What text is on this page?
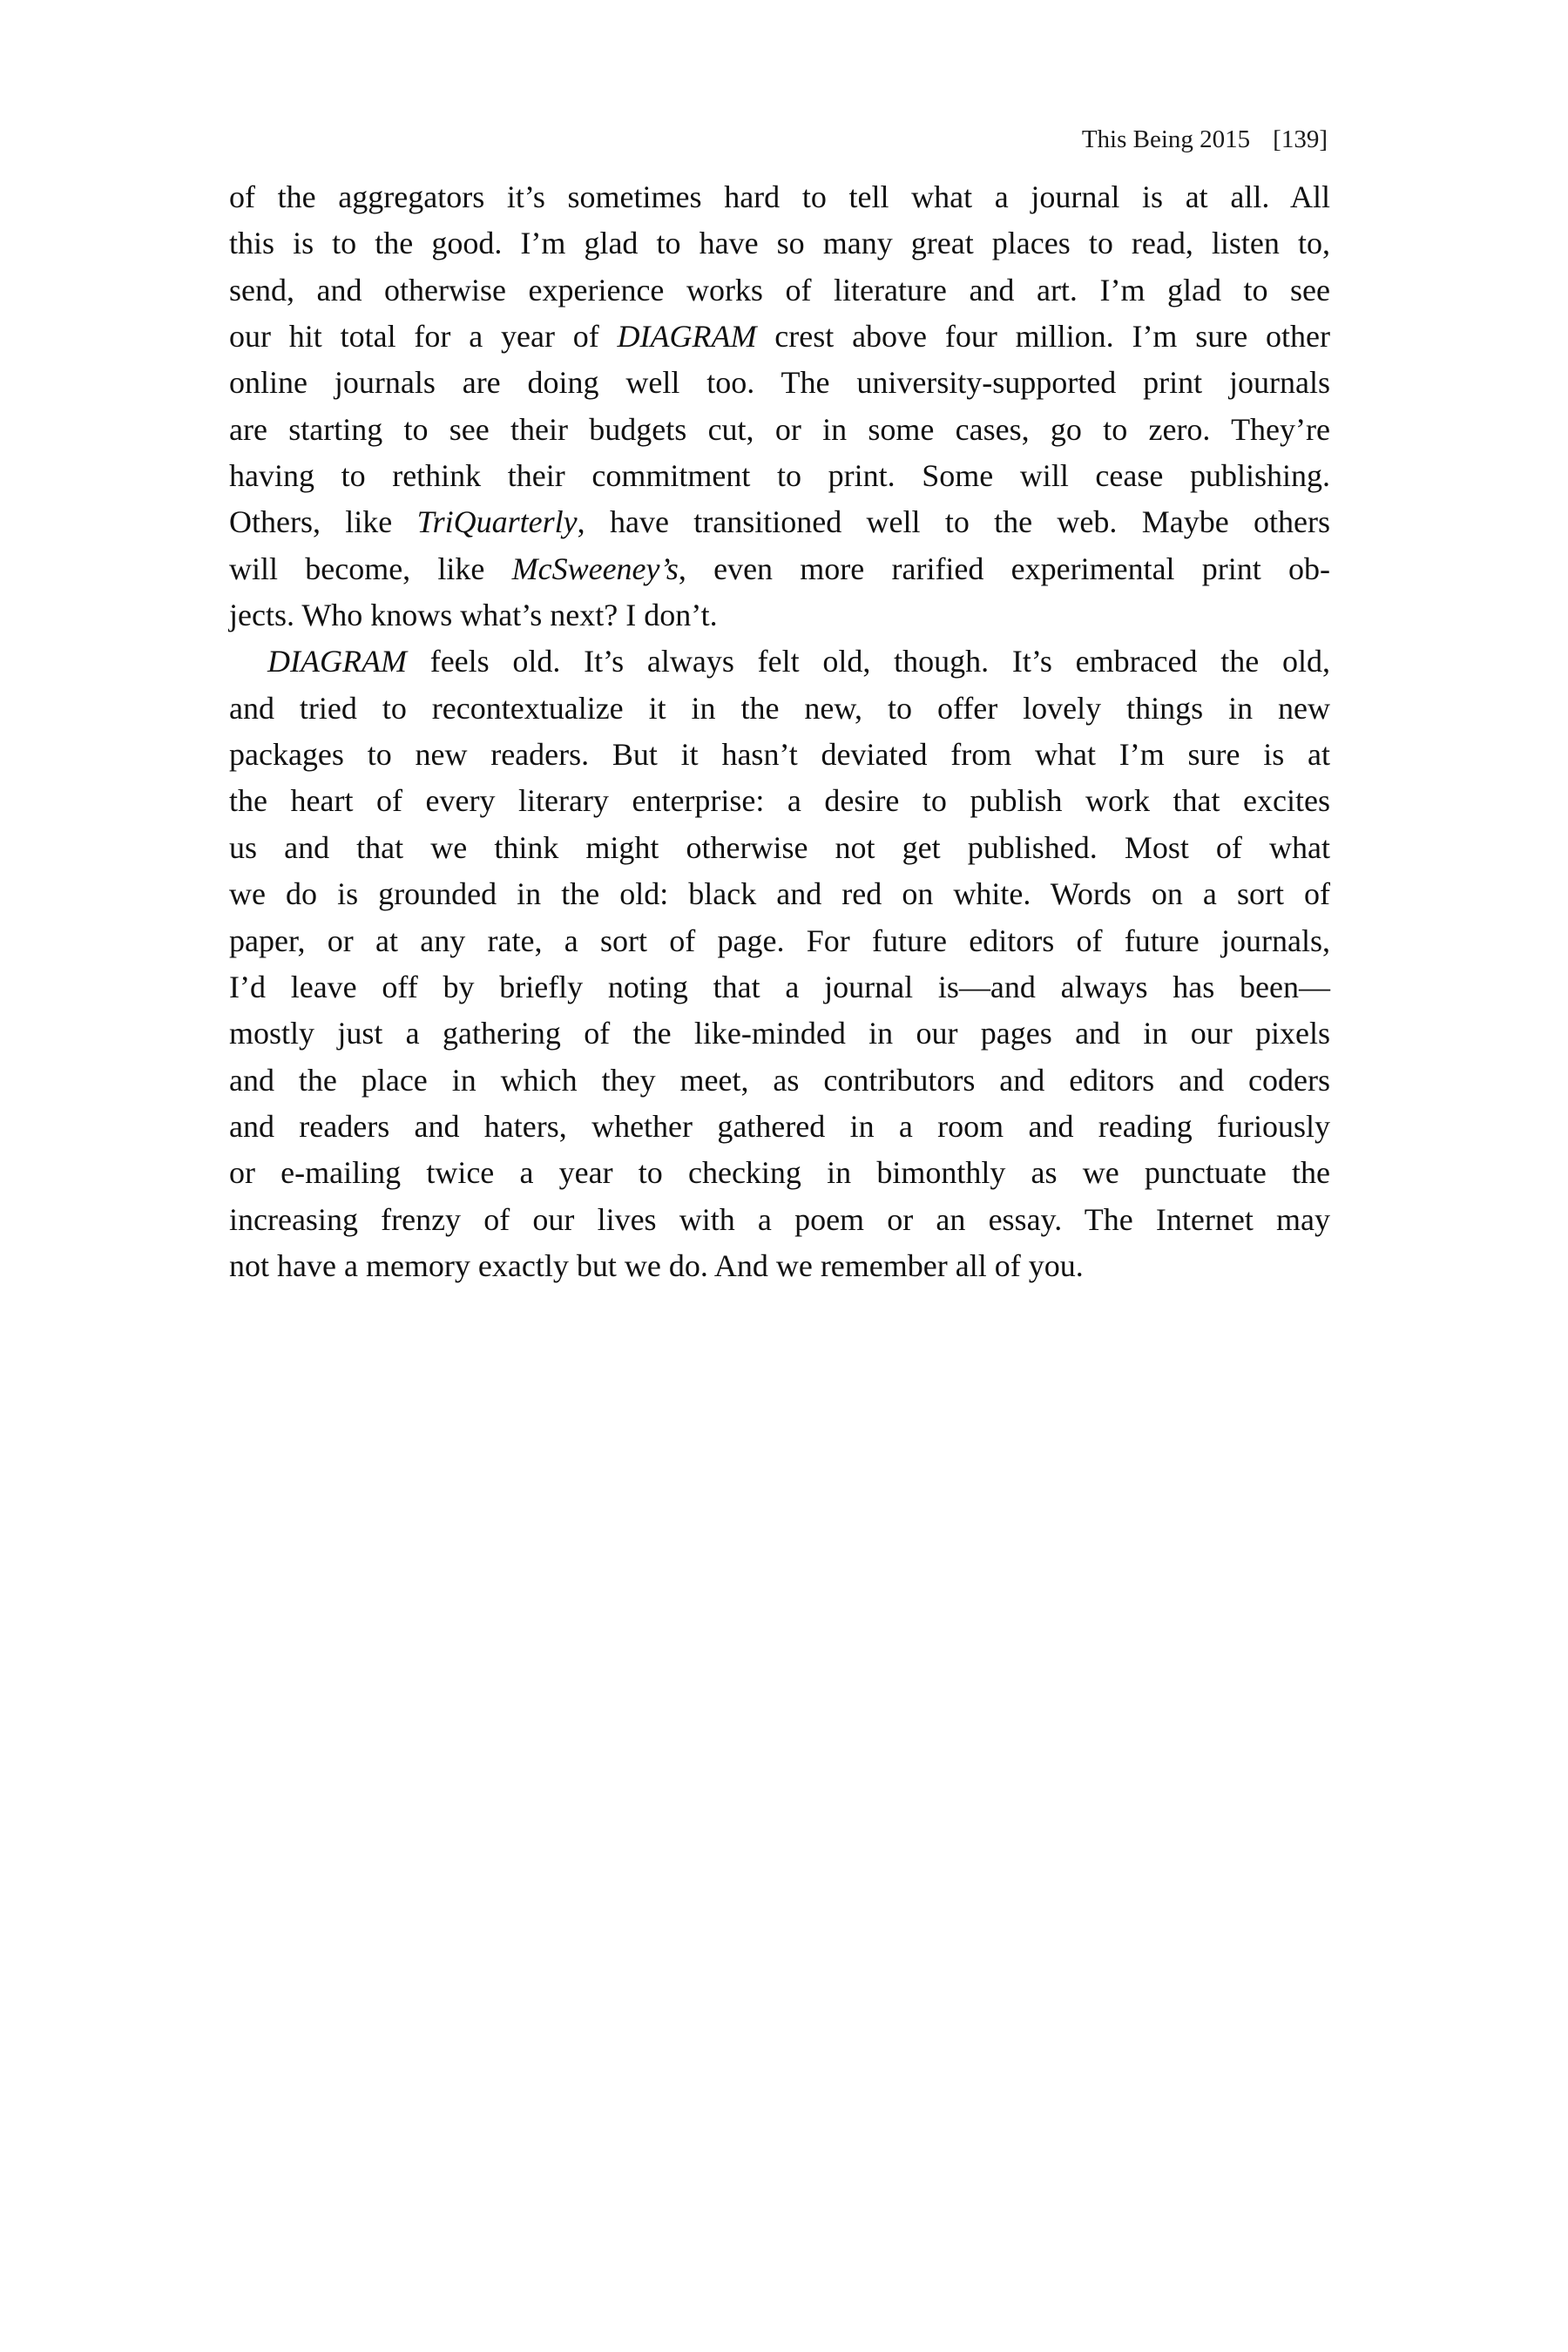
This Being 2015 [139]
of the aggregators it’s sometimes hard to tell what a journal is at all. All
this is to the good. I’m glad to have so many great places to read, listen to,
send, and otherwise experience works of literature and art. I’m glad to see
our hit total for a year of DIAGRAM crest above four million. I’m sure other
online journals are doing well too. The university-supported print journals
are starting to see their budgets cut, or in some cases, go to zero. They’re
having to rethink their commitment to print. Some will cease publishing.
Others, like TriQuarterly, have transitioned well to the web. Maybe others
will become, like McSweeney’s, even more rarified experimental print ob-
jects. Who knows what’s next? I don’t.
DIAGRAM feels old. It’s always felt old, though. It’s embraced the old,
and tried to recontextualize it in the new, to offer lovely things in new
packages to new readers. But it hasn’t deviated from what I’m sure is at
the heart of every literary enterprise: a desire to publish work that excites
us and that we think might otherwise not get published. Most of what
we do is grounded in the old: black and red on white. Words on a sort of
paper, or at any rate, a sort of page. For future editors of future journals,
I’d leave off by briefly noting that a journal is—and always has been—
mostly just a gathering of the like-minded in our pages and in our pixels
and the place in which they meet, as contributors and editors and coders
and readers and haters, whether gathered in a room and reading furiously
or e-mailing twice a year to checking in bimonthly as we punctuate the
increasing frenzy of our lives with a poem or an essay. The Internet may
not have a memory exactly but we do. And we remember all of you.
